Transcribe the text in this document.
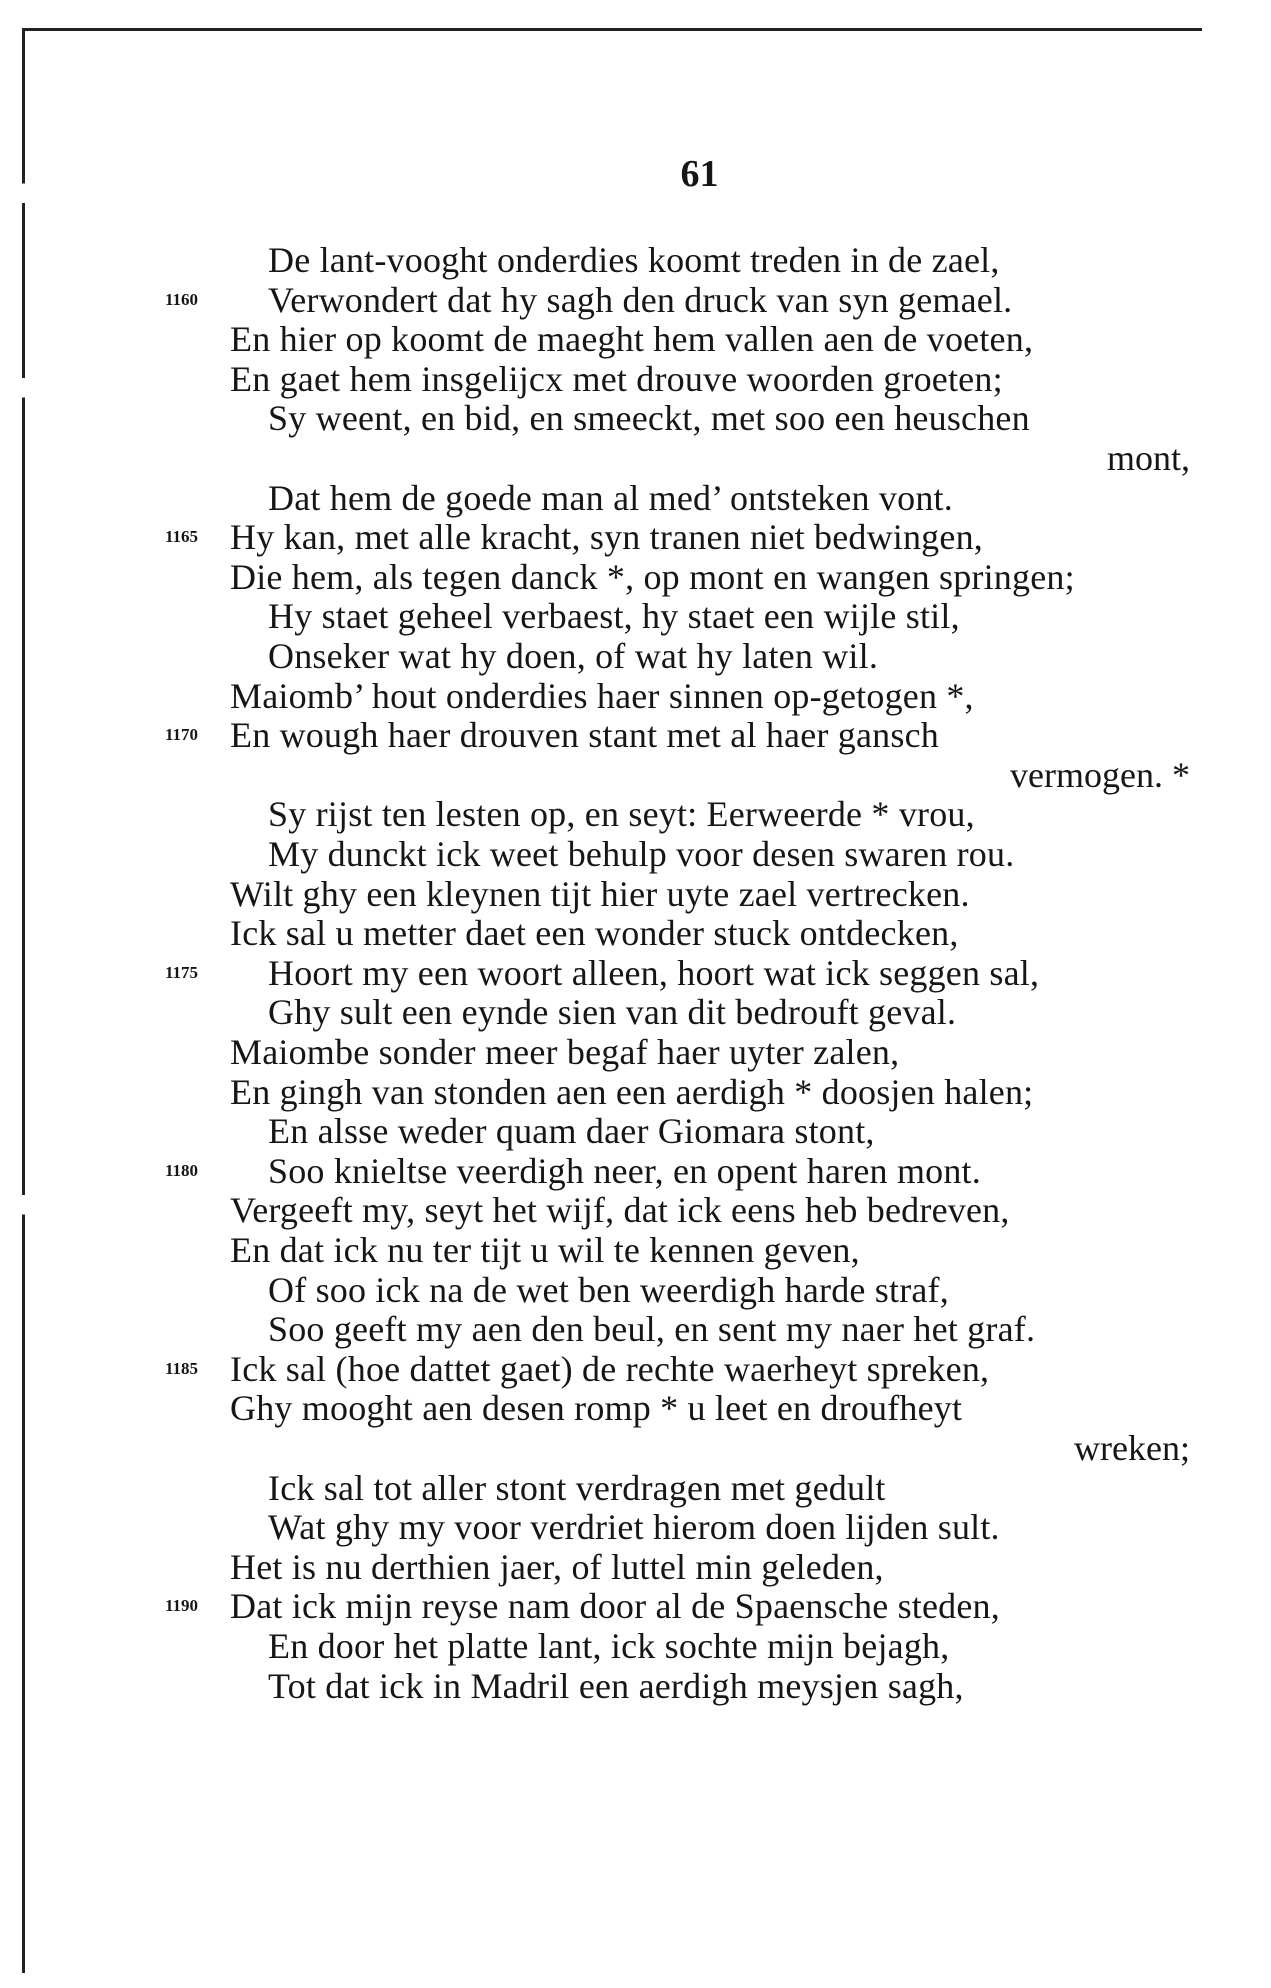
61
De lant-vooght onderdies koomt treden in de zael,
1160 Verwondert dat hy sagh den druck van syn gemael.
En hier op koomt de maeght hem vallen aen de voeten,
En gaet hem insgelijcx met drouve woorden groeten;
Sy weent, en bid, en smeeckt, met soo een heuschen
mont,
Dat hem de goede man al med’ ontsteken vont.
1165 Hy kan, met alle kracht, syn tranen niet bedwingen,
Die hem, als tegen danck *, op mont en wangen springen;
Hy staet geheel verbaest, hy staet een wijle stil,
Onseker wat hy doen, of wat hy laten wil.
Maiomb’ hout onderdies haer sinnen op-getogen *,
1170 En wough haer drouven stant met al haer gansch
vermogen. *
Sy rijst ten lesten op, en seyt: Eerweerde * vrou,
My dunckt ick weet behulp voor desen swaren rou.
Wilt ghy een kleynen tijt hier uyte zael vertrecken.
Ick sal u metter daet een wonder stuck ontdecken,
1175 Hoort my een woort alleen, hoort wat ick seggen sal,
Ghy sult een eynde sien van dit bedrouft geval.
Maiombe sonder meer begaf haer uyter zalen,
En gingh van stonden aen een aerdigh * doosjen halen;
En alsse weder quam daer Giomara stont,
1180 Soo knieltse veerdigh neer, en opent haren mont.
Vergeeft my, seyt het wijf, dat ick eens heb bedreven,
En dat ick nu ter tijt u wil te kennen geven,
Of soo ick na de wet ben weerdigh harde straf,
Soo geeft my aen den beul, en sent my naer het graf.
1185 Ick sal (hoe dattet gaet) de rechte waerheyt spreken,
Ghy mooght aen desen romp * u leet en droufheyt
wreken;
Ick sal tot aller stont verdragen met gedult
Wat ghy my voor verdriet hierom doen lijden sult.
Het is nu derthien jaer, of luttel min geleden,
1190 Dat ick mijn reyse nam door al de Spaensche steden,
En door het platte lant, ick sochte mijn bejagh,
Tot dat ick in Madril een aerdigh meysjen sagh,
